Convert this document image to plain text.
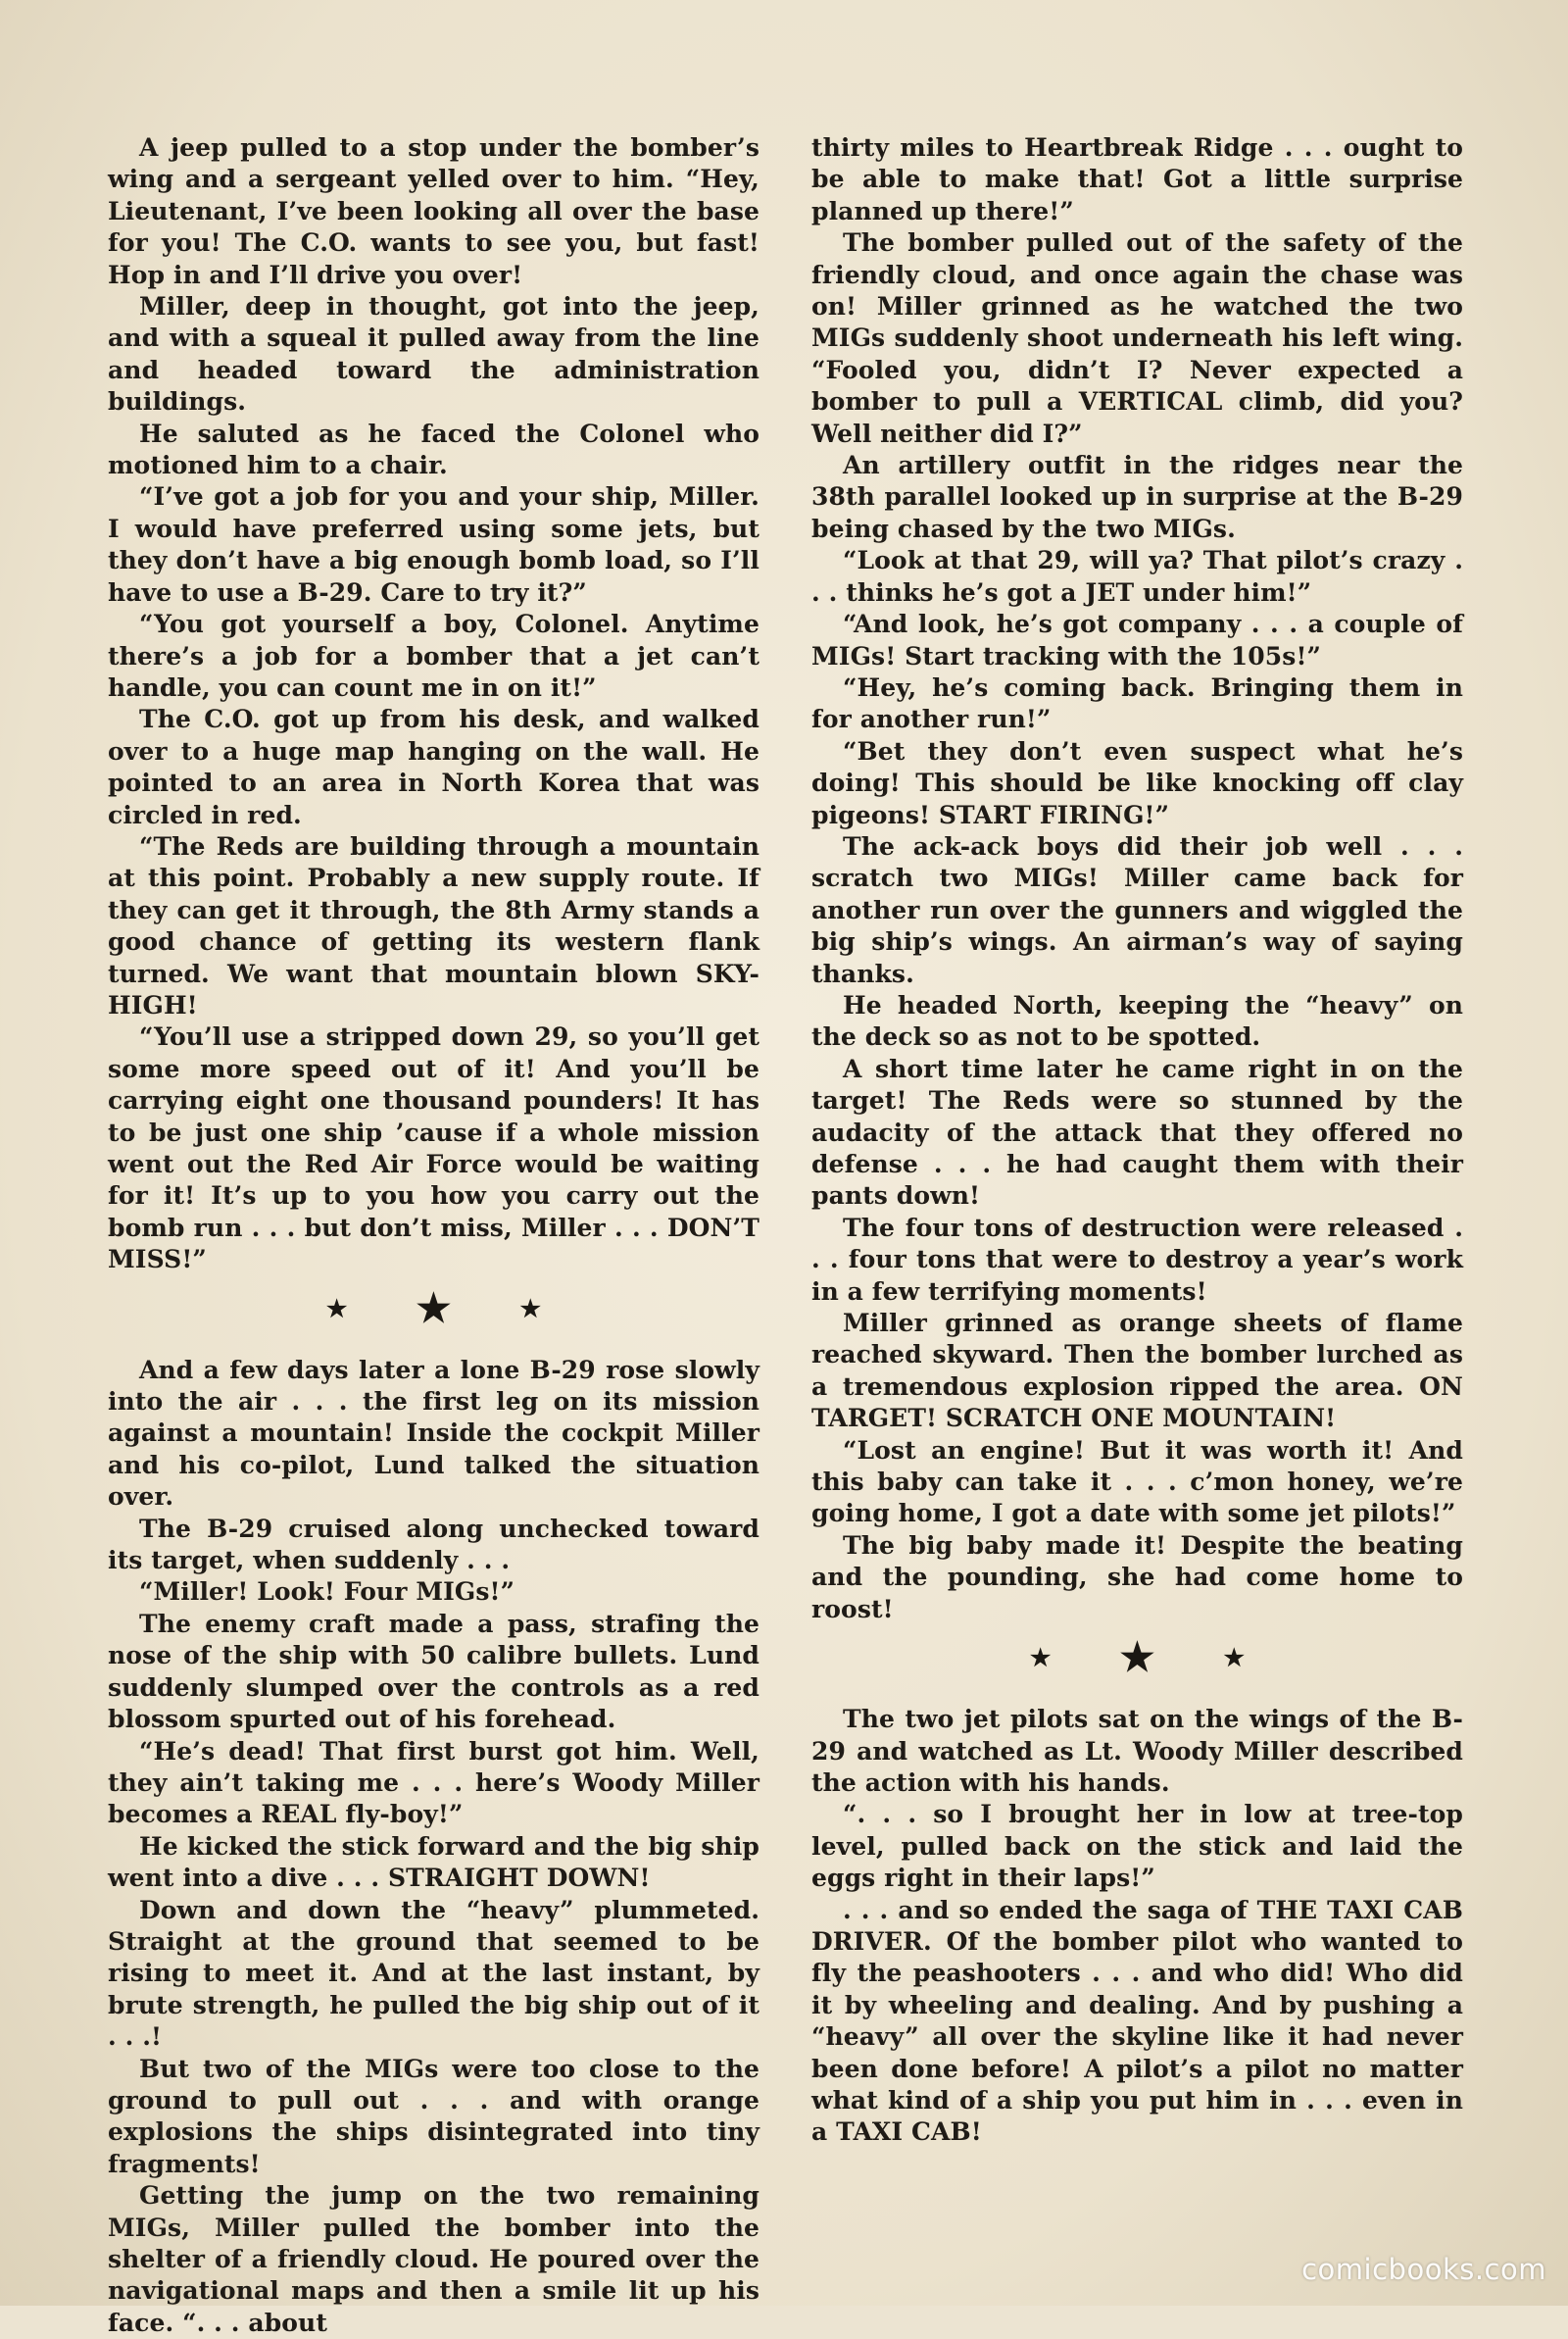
A jeep pulled to a stop under the bomber’s wing and a sergeant yelled over to him. “Hey, Lieutenant, I’ve been looking all over the base for you! The C.O. wants to see you, but fast! Hop in and I’ll drive you over!

Miller, deep in thought, got into the jeep, and with a squeal it pulled away from the line and headed toward the administration buildings.

He saluted as he faced the Colonel who motioned him to a chair.

“I’ve got a job for you and your ship, Miller. I would have preferred using some jets, but they don’t have a big enough bomb load, so I’ll have to use a B-29. Care to try it?”

“You got yourself a boy, Colonel. Anytime there’s a job for a bomber that a jet can’t handle, you can count me in on it!”

The C.O. got up from his desk, and walked over to a huge map hanging on the wall. He pointed to an area in North Korea that was circled in red.

“The Reds are building through a mountain at this point. Probably a new supply route. If they can get it through, the 8th Army stands a good chance of getting its western flank turned. We want that mountain blown SKY-HIGH!

“You’ll use a stripped down 29, so you’ll get some more speed out of it! And you’ll be carrying eight one thousand pounders! It has to be just one ship ’cause if a whole mission went out the Red Air Force would be waiting for it! It’s up to you how you carry out the bomb run . . . but don’t miss, Miller . . . DON’T MISS!”

★ ★	★

And a few days later a lone B-29 rose slowly into the air . . . the first leg on its mission against a mountain! Inside the cockpit Miller and his co-pilot, Lund talked the situation over.

The B-29 cruised along unchecked toward its target, when suddenly . . .

“Miller! Look! Four MIGs!”

The enemy craft made a pass, strafing the nose of the ship with 50 calibre bullets. Lund suddenly slumped over the controls as a red blossom spurted out of his forehead.

“He’s dead! That first burst got him. Well, they ain’t taking me . . . here’s Woody Miller becomes a REAL fly-boy!”

He kicked the stick forward and the big ship went into a dive . . . STRAIGHT DOWN!

Down and down the “heavy” plummeted. Straight at the ground that seemed to be rising to meet it. And at the last instant, by brute strength, he pulled the big ship out of it . . .!

But two of the MIGs were too close to the ground to pull out . . . and with orange explosions the ships disintegrated into tiny fragments!

Getting the jump on the two remaining MIGs, Miller pulled the bomber into the shelter of a friendly cloud. He poured over the navigational maps and then a smile lit up his face. “. . . about

thirty miles to Heartbreak Ridge . . . ought to be able to make that! Got a little surprise planned up there!”

The bomber pulled out of the safety of the friendly cloud, and once again the chase was on! Miller grinned as he watched the two MIGs suddenly shoot underneath his left wing. “Fooled you, didn’t I? Never expected a bomber to pull a VERTICAL climb, did you? Well neither did I?”

An artillery outfit in the ridges near the 38th parallel looked up in surprise at the B-29 being chased by the two MIGs.

“Look at that 29, will ya? That pilot’s crazy . . . thinks he’s got a JET under him!”

“And look, he’s got company . . . a couple of MIGs! Start tracking with the 105s!”

“Hey, he’s coming back. Bringing them in for another run!”

“Bet they don’t even suspect what he’s doing! This should be like knocking off clay pigeons! START FIRING!”

The ack-ack boys did their job well . . . scratch two MIGs! Miller came back for another run over the gunners and wiggled the big ship’s wings. An airman’s way of saying thanks.

He headed North, keeping the “heavy” on the deck so as not to be spotted.

A short time later he came right in on the target! The Reds were so stunned by the audacity of the attack that they offered no defense . . . he had caught them with their pants down!

The four tons of destruction were released . . . four tons that were to destroy a year’s work in a few terrifying moments!

Miller grinned as orange sheets of flame reached skyward. Then the bomber lurched as a tremendous explosion ripped the area. ON TARGET! SCRATCH ONE MOUNTAIN!

“Lost an engine! But it was worth it! And this baby can take it . . . c’mon honey, we’re going home, I got a date with some jet pilots!”

The big baby made it! Despite the beating and the pounding, she had come home to roost!

★ ★	★

The two jet pilots sat on the wings of the B-29 and watched as Lt. Woody Miller described the action with his hands.

“. . . so I brought her in low at tree-top level, pulled back on the stick and laid the eggs right in their laps!”

. . . and so ended the saga of THE TAXI CAB DRIVER. Of the bomber pilot who wanted to fly the peashooters . . . and who did! Who did it by wheeling and dealing. And by pushing a “heavy” all over the skyline like it had never been done before! A pilot’s a pilot no matter what kind of a ship you put him in . . . even in a TAXI CAB!

comicbooks.com
